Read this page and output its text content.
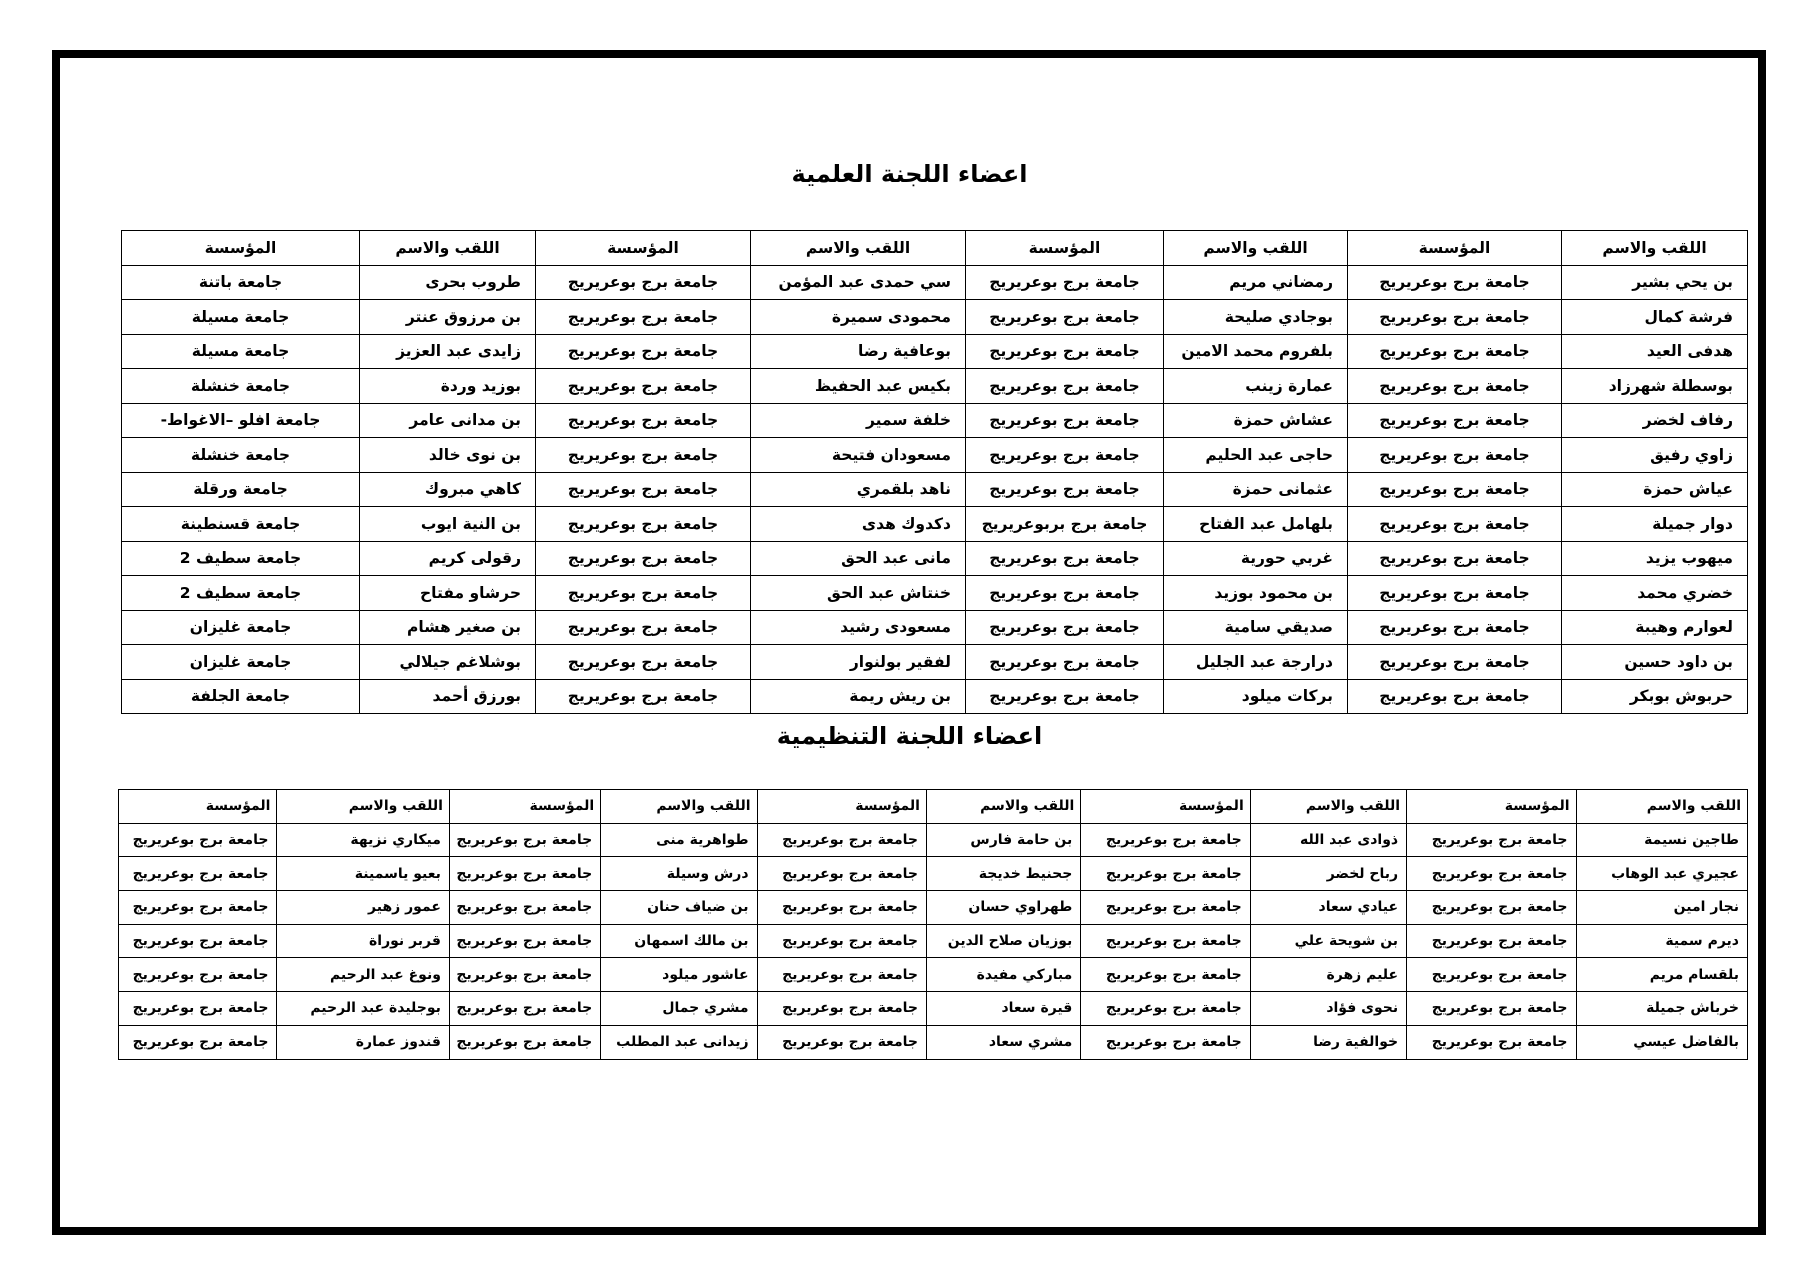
اعضاء اللجنة العلمية
اللقب والاسم	المؤسسة	اللقب والاسم	المؤسسة	اللقب والاسم	المؤسسة	اللقب والاسم	المؤسسة
بن يحي بشير	جامعة برج بوعريريج	رمضاني مريم	جامعة برج بوعريريج	سي حمدى عبد المؤمن	جامعة برج بوعريريج	طروب بحرى	جامعة باتنة
فرشة كمال	جامعة برج بوعريريج	بوجادي صليحة	جامعة برج بوعريريج	محمودى سميرة	جامعة برج بوعريريج	بن مرزوق عنتر	جامعة مسيلة
هدفى العيد	جامعة برج بوعريريج	بلفروم محمد الامين	جامعة برج بوعريريج	بوعافية رضا	جامعة برج بوعريريج	زايدى عبد العزيز	جامعة مسيلة
بوسطلة شهرزاد	جامعة برج بوعريريج	عمارة زينب	جامعة برج بوعريريج	بكيس عبد الحفيظ	جامعة برج بوعريريج	بوزيد وردة	جامعة خنشلة
رفاف لخضر	جامعة برج بوعريريج	عشاش حمزة	جامعة برج بوعريريج	خلفة سمير	جامعة برج بوعريريج	بن مدانى عامر	جامعة افلو –الاغواط-
زاوي رفيق	جامعة برج بوعريريج	حاجى عبد الحليم	جامعة برج بوعريريج	مسعودان فتيحة	جامعة برج بوعريريج	بن نوى خالد	جامعة خنشلة
عياش حمزة	جامعة برج بوعريريج	عثمانى حمزة	جامعة برج بوعريريج	ناهد بلقمري	جامعة برج بوعريريج	كاهي مبروك	جامعة ورقلة
دوار جميلة	جامعة برج بوعريريج	بلهامل عبد الفتاح	جامعة برج بربوعريريج	دكدوك هدى	جامعة برج بوعريريج	بن النية ايوب	جامعة قسنطينة
ميهوب يزيد	جامعة برج بوعريريج	غربي حورية	جامعة برج بوعريريج	مانى عبد الحق	جامعة برج بوعريريج	رقولى كريم	جامعة سطيف 2
خضري محمد	جامعة برج بوعريريج	بن محمود بوزيد	جامعة برج بوعريريج	خنتاش عبد الحق	جامعة برج بوعريريج	حرشاو مفتاح	جامعة سطيف 2
لعوارم وهيبة	جامعة برج بوعريريج	صديقي سامية	جامعة برج بوعريريج	مسعودى رشيد	جامعة برج بوعريريج	بن صغير هشام	جامعة غليزان
بن داود حسين	جامعة برج بوعريريج	درارجة عبد الجليل	جامعة برج بوعريريج	لفقير بولنوار	جامعة برج بوعريريج	بوشلاغم جيلالي	جامعة غليزان
حربوش بوبكر	جامعة برج بوعريريج	بركات ميلود	جامعة برج بوعريريج	بن ريش ريمة	جامعة برج بوعريريج	بورزق أحمد	جامعة الجلفة
اعضاء اللجنة التنظيمية
اللقب والاسم	المؤسسة	اللقب والاسم	المؤسسة	اللقب والاسم	المؤسسة	اللقب والاسم	المؤسسة	اللقب والاسم	المؤسسة
طاجين نسيمة	جامعة برج بوعريريج	ذوادى عبد الله	جامعة برج بوعريريج	بن حامة فارس	جامعة برج بوعريريج	طواهرية منى	جامعة برج بوعريريج	ميكاري نزيهة	جامعة برج بوعريريج
عجيري عبد الوهاب	جامعة برج بوعريريج	رباح لخضر	جامعة برج بوعريريج	جحنيط خديجة	جامعة برج بوعريريج	درش وسيلة	جامعة برج بوعريريج	بعيو ياسمينة	جامعة برج بوعريريج
نجار امين	جامعة برج بوعريريج	عيادي سعاد	جامعة برج بوعريريج	طهراوي حسان	جامعة برج بوعريريج	بن ضياف حنان	جامعة برج بوعريريج	عمور زهير	جامعة برج بوعريريج
ديرم سمية	جامعة برج بوعريريج	بن شويحة علي	جامعة برج بوعريريج	بوزيان صلاح الدين	جامعة برج بوعريريج	بن مالك اسمهان	جامعة برج بوعريريج	قربر نوراة	جامعة برج بوعريريج
بلقسام مريم	جامعة برج بوعريريج	عليم زهرة	جامعة برج بوعريريج	مباركي مفيدة	جامعة برج بوعريريج	عاشور ميلود	جامعة برج بوعريريج	ونوغ عبد الرحيم	جامعة برج بوعريريج
خرباش جميلة	جامعة برج بوعريريج	نحوى فؤاد	جامعة برج بوعريريج	قيرة سعاد	جامعة برج بوعريريج	مشري جمال	جامعة برج بوعريريج	بوجليدة عبد الرحيم	جامعة برج بوعريريج
بالفاضل عيسي	جامعة برج بوعريريج	خوالفية رضا	جامعة برج بوعريريج	مشري سعاد	جامعة برج بوعريريج	زيدانى عبد المطلب	جامعة برج بوعريريج	قندوز عمارة	جامعة برج بوعريريج
